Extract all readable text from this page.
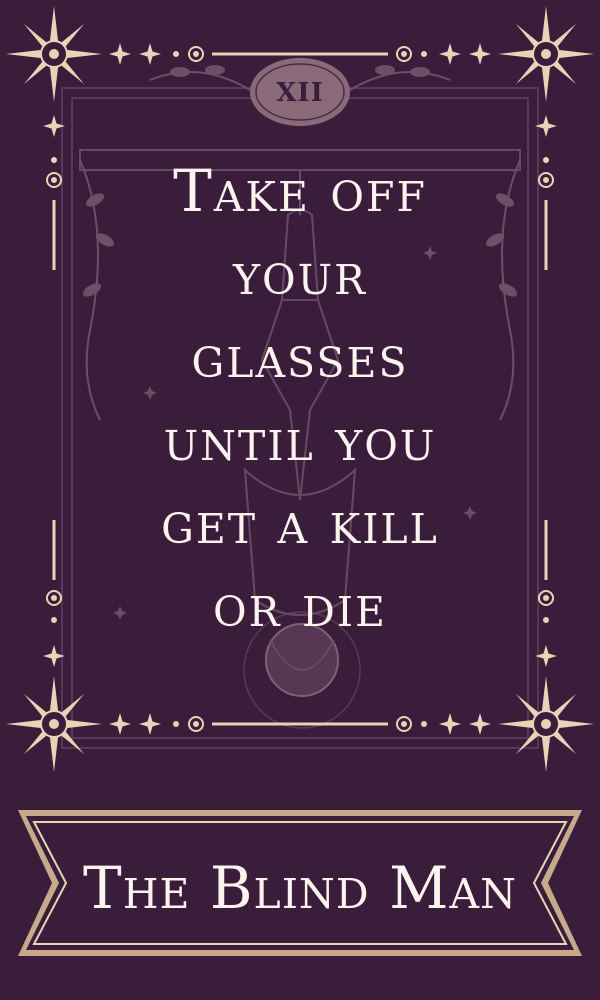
XII
Take off
your
glasses
until you
get a kill
or die
The Blind Man
